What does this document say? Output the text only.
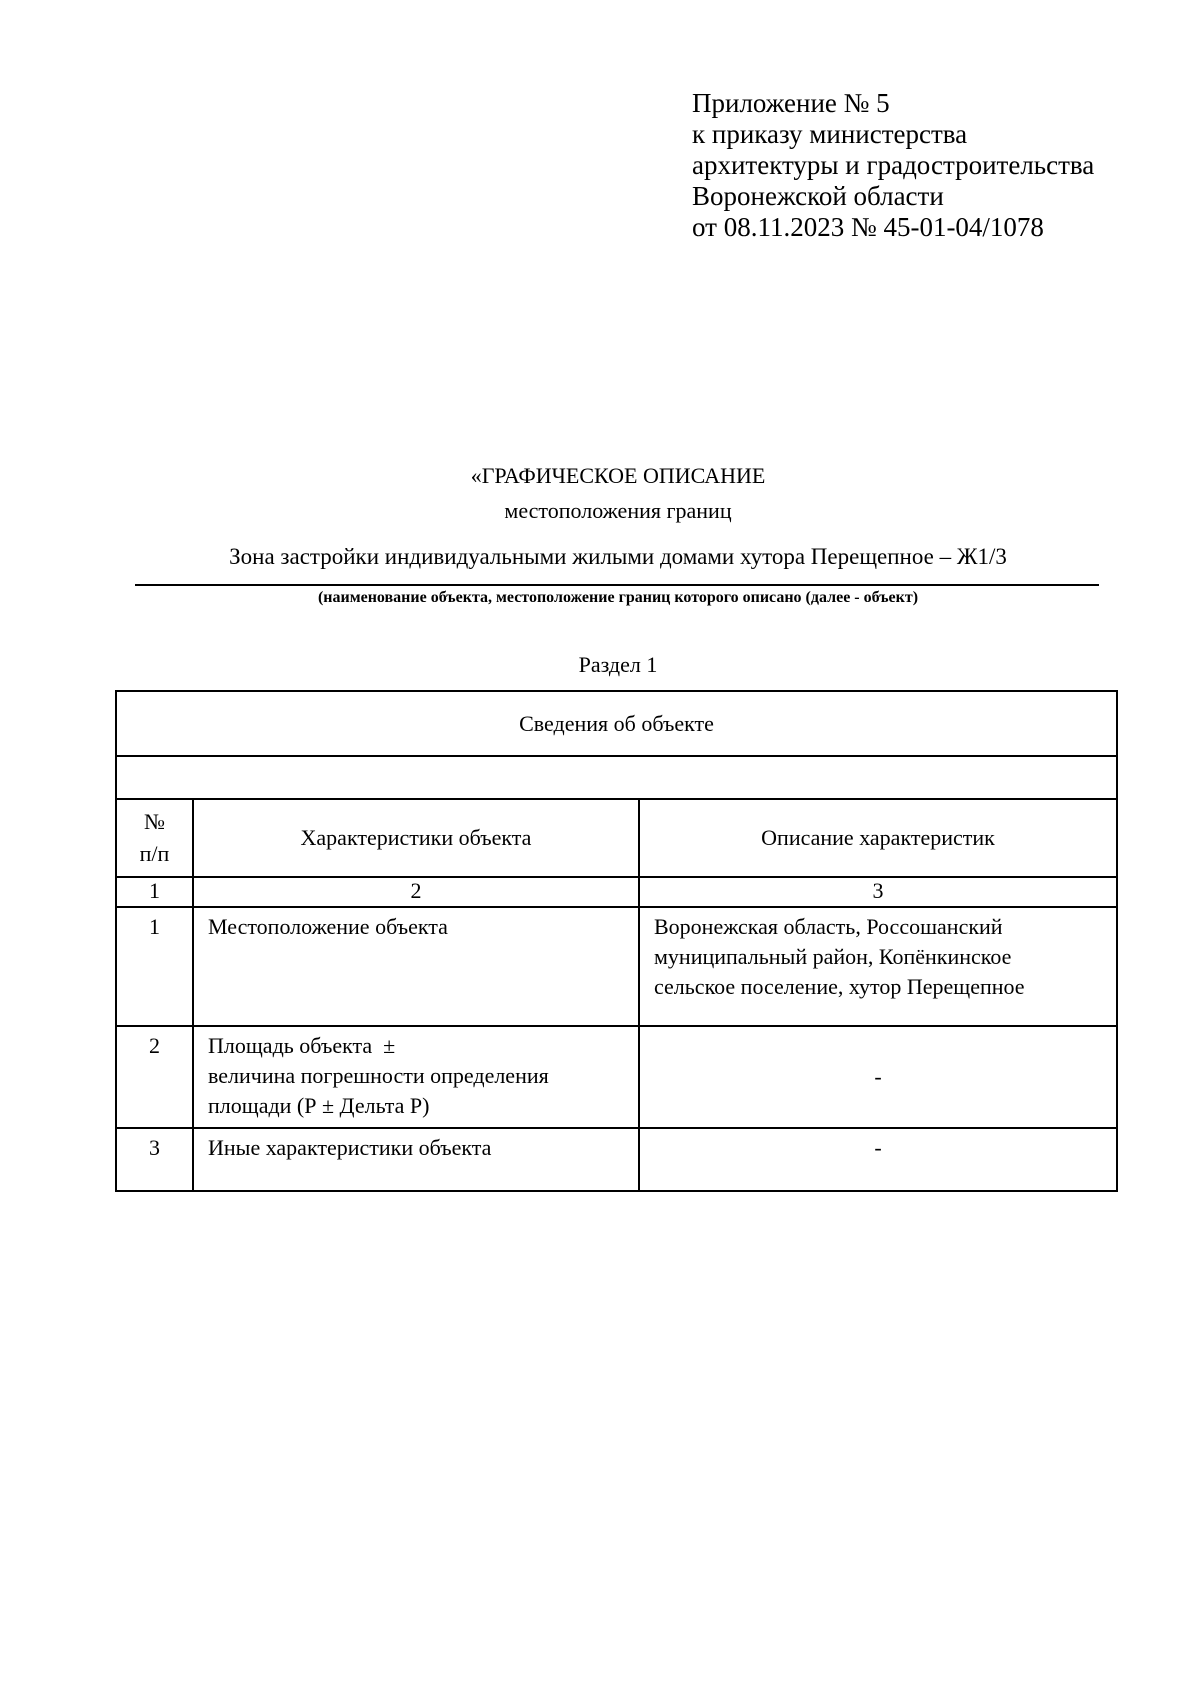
Приложение № 5
к приказу министерства
архитектуры и градостроительства
Воронежской области
от 08.11.2023 № 45-01-04/1078
«ГРАФИЧЕСКОЕ ОПИСАНИЕ
местоположения границ
Зона застройки индивидуальными жилыми домами хутора Перещепное – Ж1/3
(наименование объекта, местоположение границ которого описано (далее - объект)
Раздел 1
Сведения об объекте		

№ п/п	Характеристики объекта	Описание характеристик
1	2	3
1	Местоположение объекта	Воронежская область, Россошанский
муниципальный район, Копёнкинское
сельское поселение, хутор Перещепное

2	Площадь объекта  ±
величина погрешности определения
площади (Р ± Дельта Р)	-
3	Иные характеристики объекта	-
